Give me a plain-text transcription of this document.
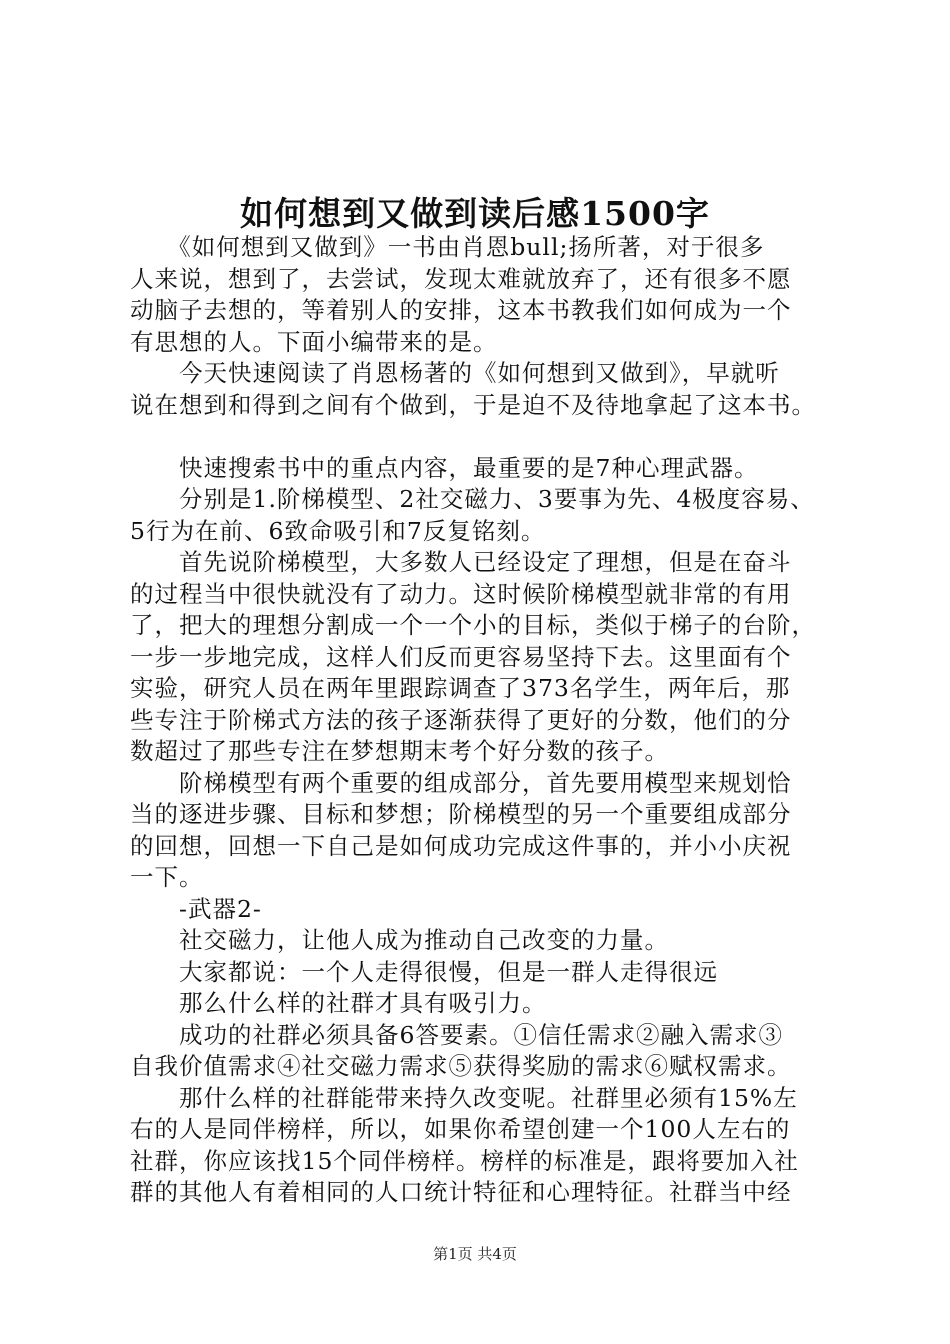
如何想到又做到读后感1500字
　　《如何想到又做到》一书由肖恩bull;扬所著，对于很多
人来说，想到了，去尝试，发现太难就放弃了，还有很多不愿
动脑子去想的，等着别人的安排，这本书教我们如何成为一个
有思想的人。下面小编带来的是。
　　今天快速阅读了肖恩杨著的《如何想到又做到》，早就听
说在想到和得到之间有个做到，于是迫不及待地拿起了这本书。
　　快速搜索书中的重点内容，最重要的是7种心理武器。
　　分别是1.阶梯模型、2社交磁力、3要事为先、4极度容易、
5行为在前、6致命吸引和7反复铭刻。
　　首先说阶梯模型，大多数人已经设定了理想，但是在奋斗
的过程当中很快就没有了动力。这时候阶梯模型就非常的有用
了，把大的理想分割成一个一个小的目标，类似于梯子的台阶，
一步一步地完成，这样人们反而更容易坚持下去。这里面有个
实验，研究人员在两年里跟踪调查了373名学生，两年后，那
些专注于阶梯式方法的孩子逐渐获得了更好的分数，他们的分
数超过了那些专注在梦想期末考个好分数的孩子。
　　阶梯模型有两个重要的组成部分，首先要用模型来规划恰
当的逐进步骤、目标和梦想；阶梯模型的另一个重要组成部分
的回想，回想一下自己是如何成功完成这件事的，并小小庆祝
一下。
　　-武器2-
　　社交磁力，让他人成为推动自己改变的力量。
　　大家都说：一个人走得很慢，但是一群人走得很远
　　那么什么样的社群才具有吸引力。
　　成功的社群必须具备6答要素。①信任需求②融入需求③
自我价值需求④社交磁力需求⑤获得奖励的需求⑥赋权需求。
　　那什么样的社群能带来持久改变呢。社群里必须有15%左
右的人是同伴榜样，所以，如果你希望创建一个100人左右的
社群，你应该找15个同伴榜样。榜样的标准是，跟将要加入社
群的其他人有着相同的人口统计特征和心理特征。社群当中经
第1页 共4页
